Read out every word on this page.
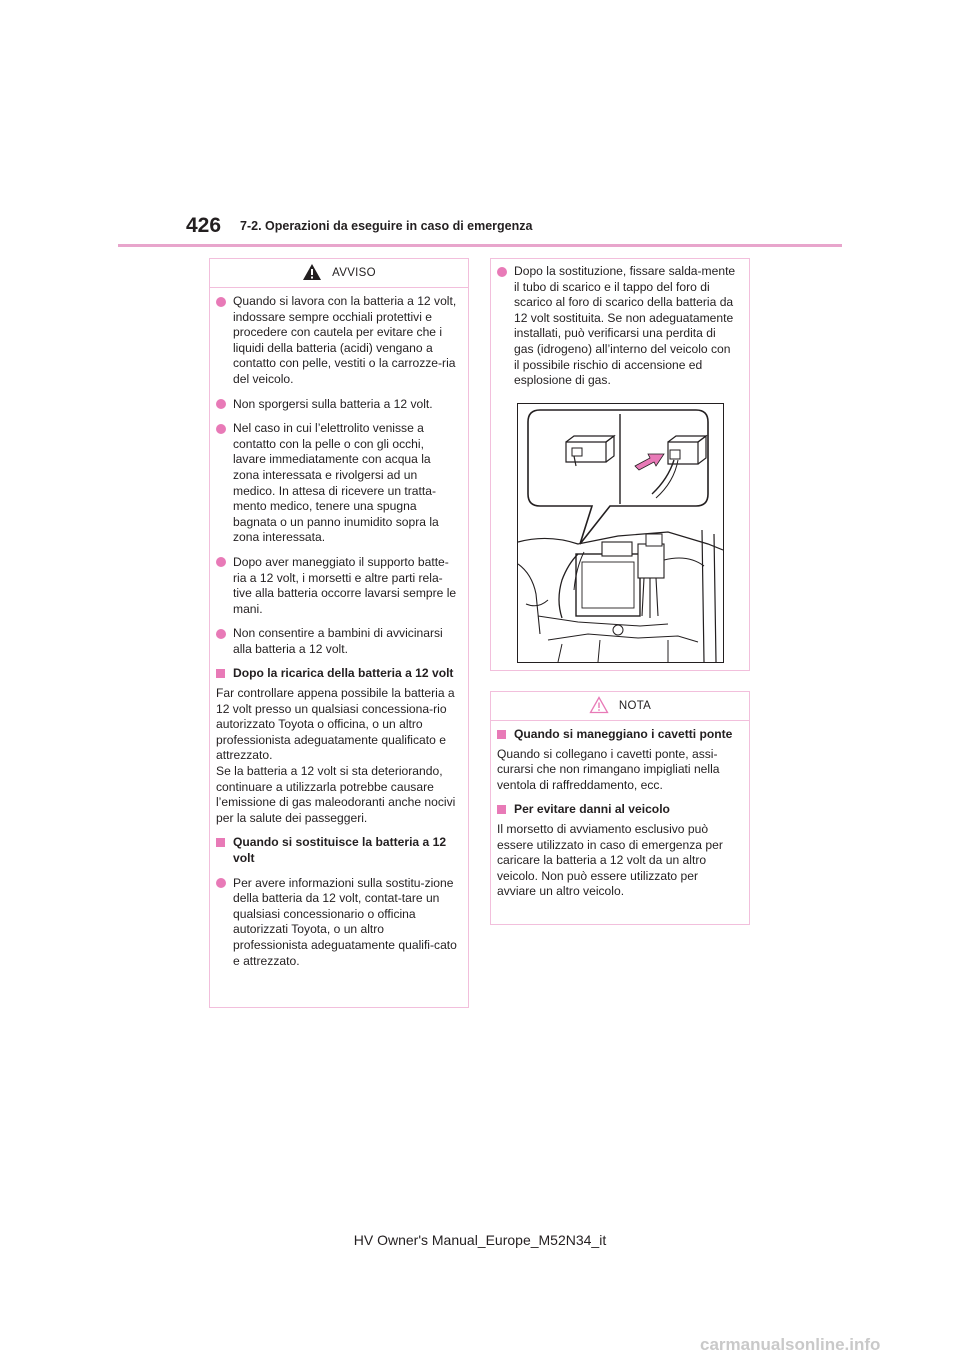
426 7-2. Operazioni da eseguire in caso di emergenza
AVVISO
Quando si lavora con la batteria a 12 volt, indossare sempre occhiali protettivi e procedere con cautela per evitare che i liquidi della batteria (acidi) vengano a contatto con pelle, vestiti o la carrozze-ria del veicolo.
Non sporgersi sulla batteria a 12 volt.
Nel caso in cui l’elettrolito venisse a contatto con la pelle o con gli occhi, lavare immediatamente con acqua la zona interessata e rivolgersi ad un medico. In attesa di ricevere un tratta-mento medico, tenere una spugna bagnata o un panno inumidito sopra la zona interessata.
Dopo aver maneggiato il supporto batte-ria a 12 volt, i morsetti e altre parti rela-tive alla batteria occorre lavarsi sempre le mani.
Non consentire a bambini di avvicinarsi alla batteria a 12 volt.
Dopo la ricarica della batteria a 12 volt
Far controllare appena possibile la batteria a 12 volt presso un qualsiasi concessiona-rio autorizzato Toyota o officina, o un altro professionista adeguatamente qualificato e attrezzato.
Se la batteria a 12 volt si sta deteriorando, continuare a utilizzarla potrebbe causare l’emissione di gas maleodoranti anche nocivi per la salute dei passeggeri.
Quando si sostituisce la batteria a 12 volt
Per avere informazioni sulla sostitu-zione della batteria da 12 volt, contat-tare un qualsiasi concessionario o officina autorizzati Toyota, o un altro professionista adeguatamente qualifi-cato e attrezzato.
Dopo la sostituzione, fissare salda-mente il tubo di scarico e il tappo del foro di scarico al foro di scarico della batteria da 12 volt sostituita. Se non adeguatamente installati, può verificarsi una perdita di gas (idrogeno) all’interno del veicolo con il possibile rischio di accensione ed esplosione di gas.
NOTA
Quando si maneggiano i cavetti ponte
Quando si collegano i cavetti ponte, assi-curarsi che non rimangano impigliati nella ventola di raffreddamento, ecc.
Per evitare danni al veicolo
Il morsetto di avviamento esclusivo può essere utilizzato in caso di emergenza per caricare la batteria a 12 volt da un altro veicolo. Non può essere utilizzato per avviare un altro veicolo.
HV Owner's Manual_Europe_M52N34_it
carmanualsonline.info
